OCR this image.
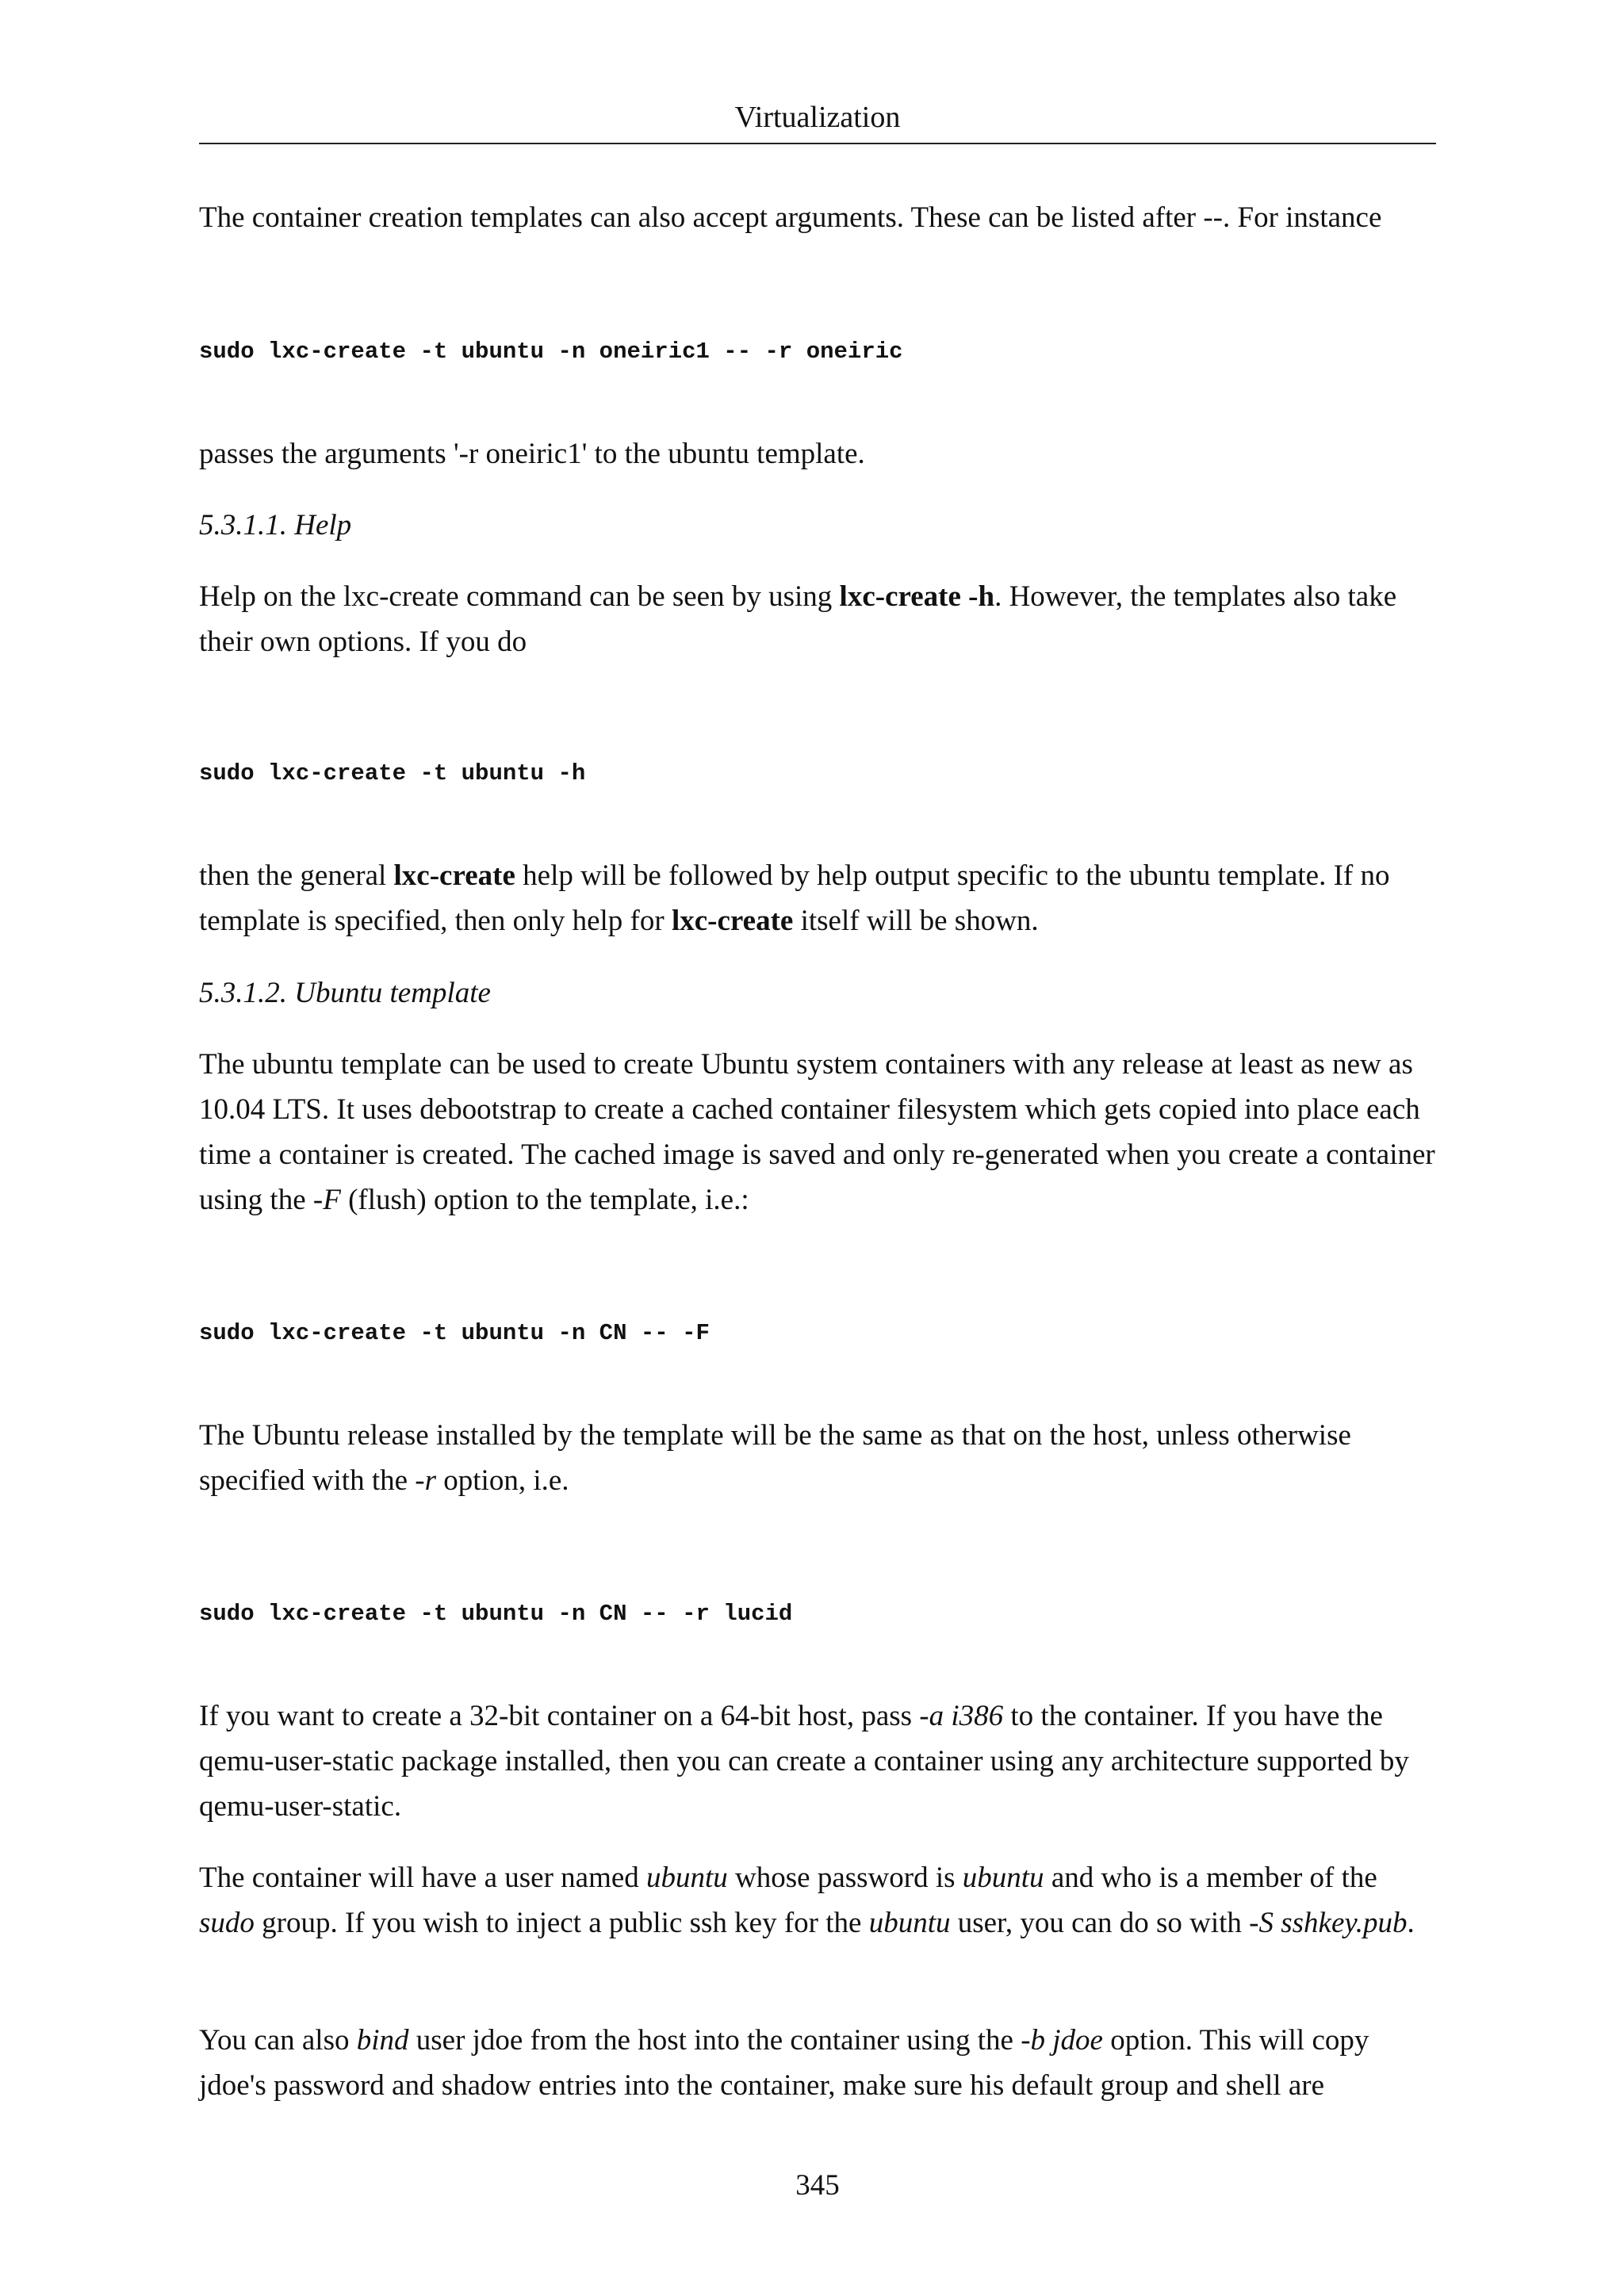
Virtualization

The container creation templates can also accept arguments. These can be listed after --. For instance

sudo lxc-create -t ubuntu -n oneiric1 -- -r oneiric

passes the arguments '-r oneiric1' to the ubuntu template.

5.3.1.1. Help

Help on the lxc-create command can be seen by using lxc-create -h. However, the templates also take their own options. If you do

sudo lxc-create -t ubuntu -h

then the general lxc-create help will be followed by help output specific to the ubuntu template. If no template is specified, then only help for lxc-create itself will be shown.

5.3.1.2. Ubuntu template

The ubuntu template can be used to create Ubuntu system containers with any release at least as new as 10.04 LTS. It uses debootstrap to create a cached container filesystem which gets copied into place each time a container is created. The cached image is saved and only re-generated when you create a container using the -F (flush) option to the template, i.e.:

sudo lxc-create -t ubuntu -n CN -- -F

The Ubuntu release installed by the template will be the same as that on the host, unless otherwise specified with the -r option, i.e.

sudo lxc-create -t ubuntu -n CN -- -r lucid

If you want to create a 32-bit container on a 64-bit host, pass -a i386 to the container. If you have the qemu-user-static package installed, then you can create a container using any architecture supported by qemu-user-static.

The container will have a user named ubuntu whose password is ubuntu and who is a member of the sudo group. If you wish to inject a public ssh key for the ubuntu user, you can do so with -S sshkey.pub.

You can also bind user jdoe from the host into the container using the -b jdoe option. This will copy jdoe's password and shadow entries into the container, make sure his default group and shell are

345
